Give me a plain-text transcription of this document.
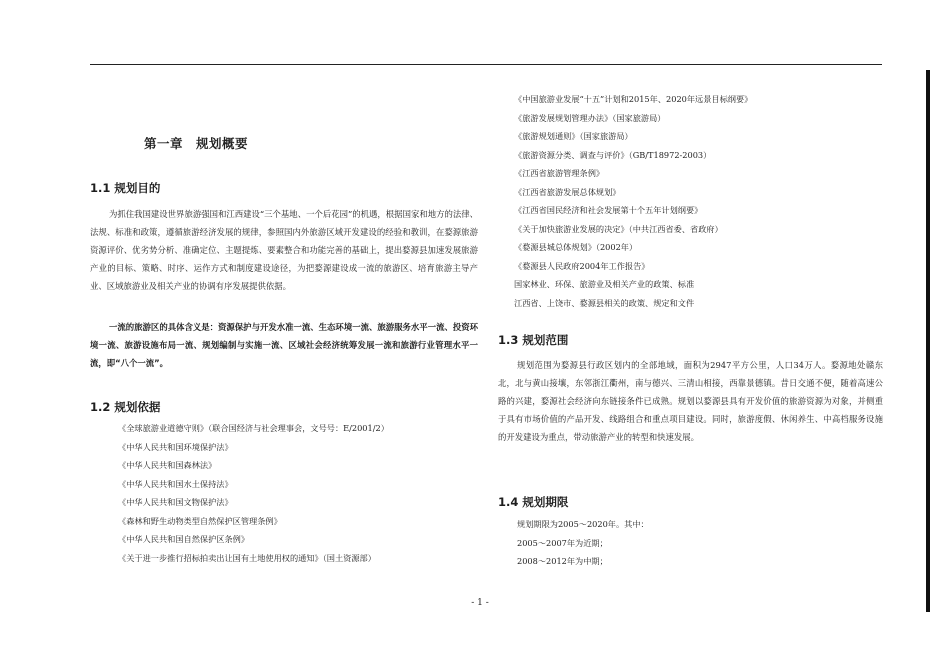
第一章　规划概要
1.1 规划目的
为抓住我国建设世界旅游强国和江西建设“三个基地、一个后花园”的机遇，根据国家和地方的法律、法规、标准和政策，遵循旅游经济发展的规律，参照国内外旅游区域开发建设的经验和教训，在婺源旅游资源评价、优劣势分析、准确定位、主题提炼、要素整合和功能完善的基础上，提出婺源县加速发展旅游产业的目标、策略、时序、运作方式和制度建设途径，为把婺源建设成一流的旅游区、培育旅游主导产业、区域旅游业及相关产业的协调有序发展提供依据。
一流的旅游区的具体含义是：资源保护与开发水准一流、生态环境一流、旅游服务水平一流、投资环境一流、旅游设施布局一流、规划编制与实施一流、区域社会经济统筹发展一流和旅游行业管理水平一流，即“八个一流”。
1.2 规划依据
《全球旅游业道德守则》（联合国经济与社会理事会，文号号：E/2001/2）
《中华人民共和国环境保护法》
《中华人民共和国森林法》
《中华人民共和国水土保持法》
《中华人民共和国文物保护法》
《森林和野生动物类型自然保护区管理条例》
《中华人民共和国自然保护区条例》
《关于进一步推行招标拍卖出让国有土地使用权的通知》（国土资源部）
《中国旅游业发展“十五”计划和2015年、2020年远景目标纲要》
《旅游发展规划管理办法》（国家旅游局）
《旅游规划通则》（国家旅游局）
《旅游资源分类、调查与评价》（GB/T18972-2003）
《江西省旅游管理条例》
《江西省旅游发展总体规划》
《江西省国民经济和社会发展第十个五年计划纲要》
《关于加快旅游业发展的决定》（中共江西省委、省政府）
《婺源县城总体规划》（2002年）
《婺源县人民政府2004年工作报告》
国家林业、环保、旅游业及相关产业的政策、标准
江西省、上饶市、婺源县相关的政策、规定和文件
1.3 规划范围
规划范围为婺源县行政区划内的全部地域，面积为2947平方公里，人口34万人。婺源地处赣东北，北与黄山接壤，东邻浙江衢州，南与德兴、三清山相接，西靠景德镇。昔日交通不便，随着高速公路的兴建，婺源社会经济向东链接条件已成熟。规划以婺源县具有开发价值的旅游资源为对象，并侧重于具有市场价值的产品开发、线路组合和重点项目建设。同时，旅游度假、休闲养生、中高档服务设施的开发建设为重点，带动旅游产业的转型和快速发展。
1.4 规划期限
规划期限为2005～2020年。其中：
2005～2007年为近期；
2008～2012年为中期；
- 1 -
